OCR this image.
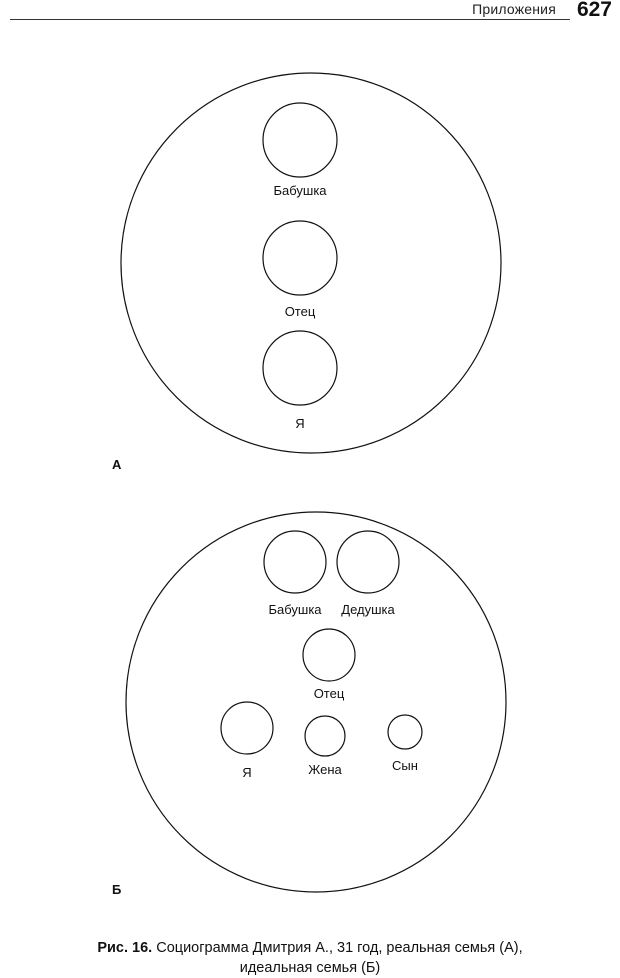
Приложения 627
Бабушка
Отец
Я
А
Бабушка Дедушка
Отец
Я	Жена	Сын
Б
Рис. 16. Социограмма Дмитрия А., 31 год, реальная семья (А),
идеальная семья (Б)
